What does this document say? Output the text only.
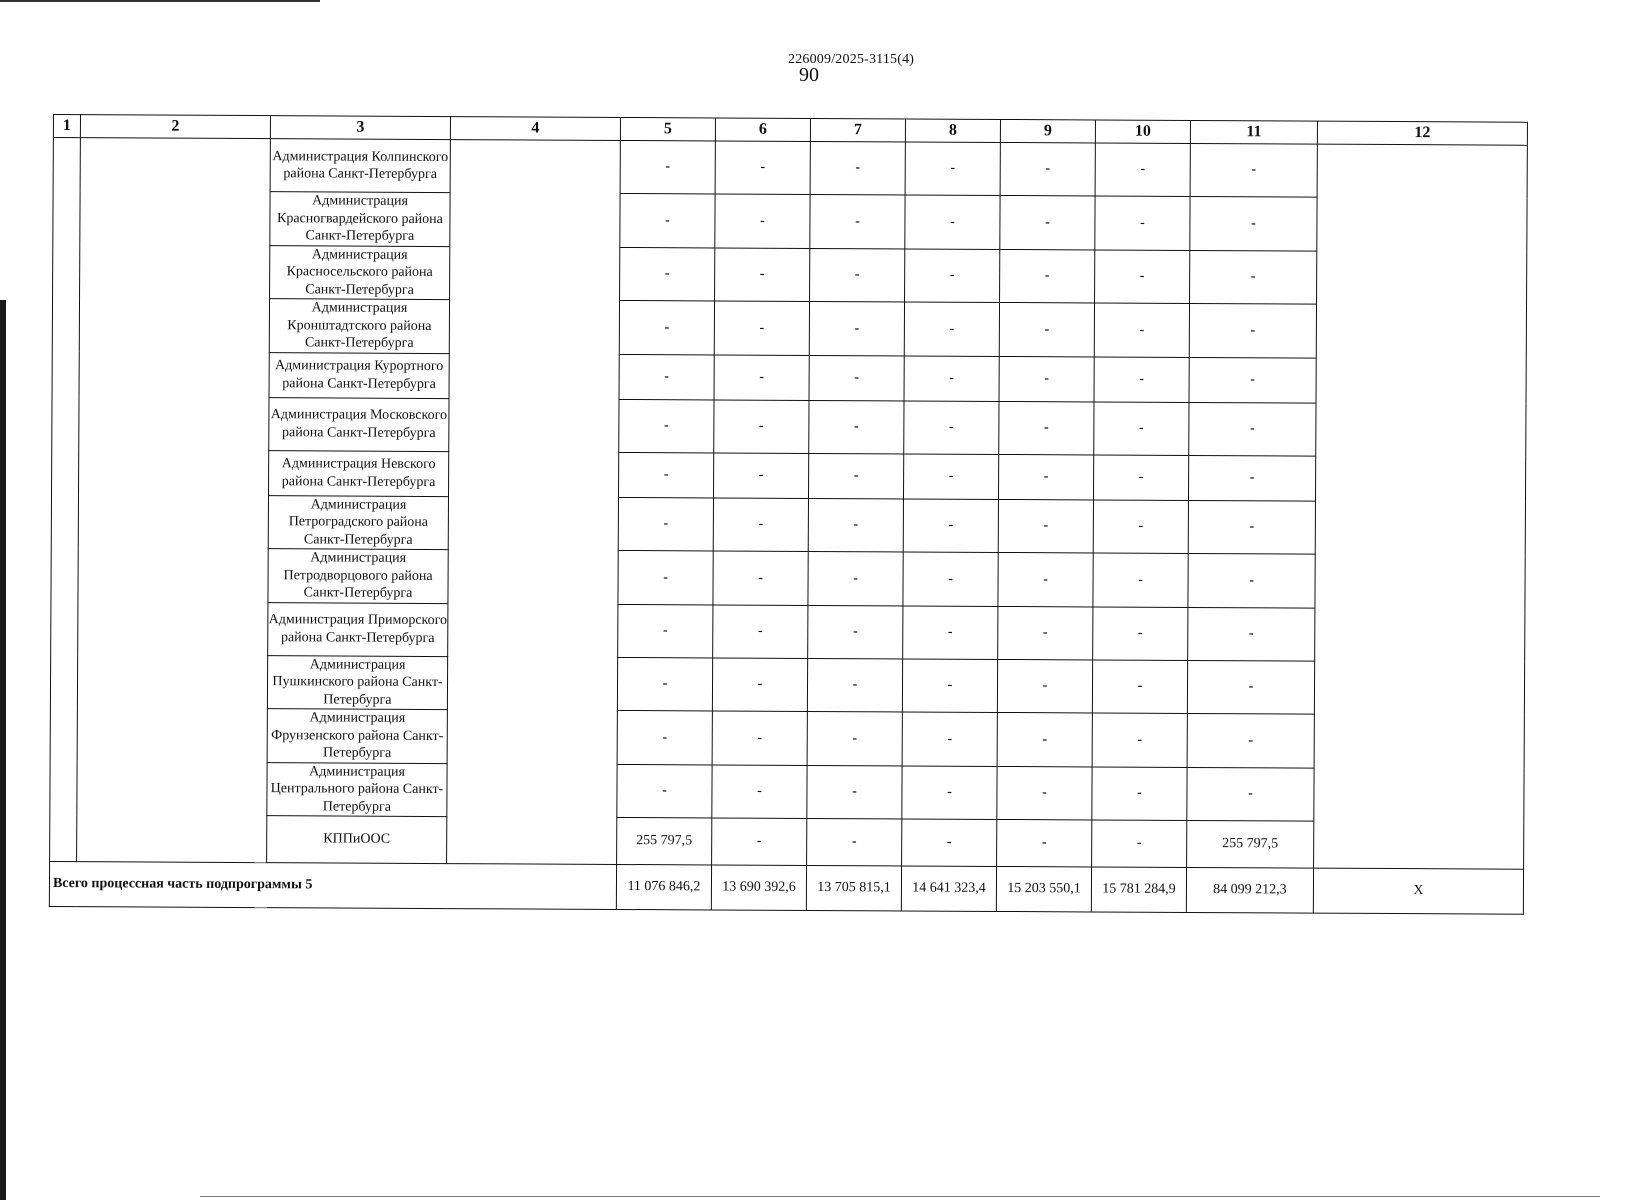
226009/2025-3115(4)
90
1	2	3	4	5	6	7	8	9	10	11	12
		Администрация Колпинского района Санкт-Петербурга		-	-	-	-	-	-	-	
		Администрация Красногвардейского района Санкт-Петербурга		-	-	-	-	-	-	-	
		Администрация Красносельского района Санкт-Петербурга		-	-	-	-	-	-	-	
		Администрация Кронштадтского района Санкт-Петербурга		-	-	-	-	-	-	-	
		Администрация Курортного района Санкт-Петербурга		-	-	-	-	-	-	-	
		Администрация Московского района Санкт-Петербурга		-	-	-	-	-	-	-	
		Администрация Невского района Санкт-Петербурга		-	-	-	-	-	-	-	
		Администрация Петроградского района Санкт-Петербурга		-	-	-	-	-	-	-	
		Администрация Петродворцового района Санкт-Петербурга		-	-	-	-	-	-	-	
		Администрация Приморского района Санкт-Петербурга		-	-	-	-	-	-	-	
		Администрация Пушкинского района Санкт-Петербурга		-	-	-	-	-	-	-	
		Администрация Фрунзенского района Санкт-Петербурга		-	-	-	-	-	-	-	
		Администрация Центрального района Санкт-Петербурга		-	-	-	-	-	-	-	
		КППиООС		255 797,5	-	-	-	-	-	255 797,5	
Всего процессная часть подпрограммы 5				11 076 846,2	13 690 392,6	13 705 815,1	14 641 323,4	15 203 550,1	15 781 284,9	84 099 212,3	X
